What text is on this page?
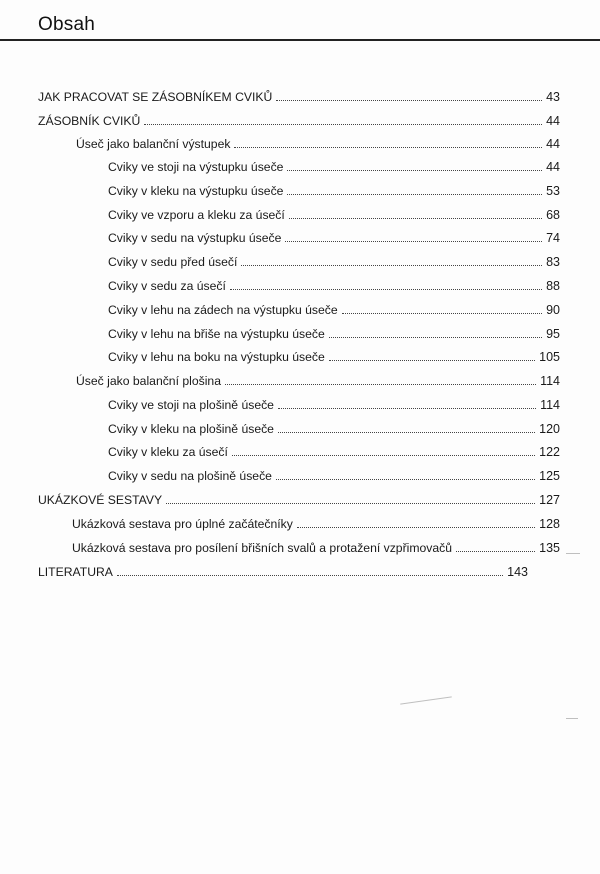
Obsah
JAK PRACOVAT SE ZÁSOBNÍKEM CVIKŮ	43
ZÁSOBNÍK CVIKŮ	44
Úseč jako balanční výstupek	44
Cviky ve stoji na výstupku úseče	44
Cviky v kleku na výstupku úseče	53
Cviky ve vzporu a kleku za úsečí	68
Cviky v sedu na výstupku úseče	74
Cviky v sedu před úsečí	83
Cviky v sedu za úsečí	88
Cviky v lehu na zádech na výstupku úseče	90
Cviky v lehu na břiše na výstupku úseče	95
Cviky v lehu na boku na výstupku úseče	105
Úseč jako balanční plošina	114
Cviky ve stoji na plošině úseče	114
Cviky v kleku na plošině úseče	120
Cviky v kleku za úsečí	122
Cviky v sedu na plošině úseče	125
UKÁZKOVÉ SESTAVY	127
Ukázková sestava pro úplné začátečníky	128
Ukázková sestava pro posílení břišních svalů a protažení vzpřimovačů	135
LITERATURA	143
